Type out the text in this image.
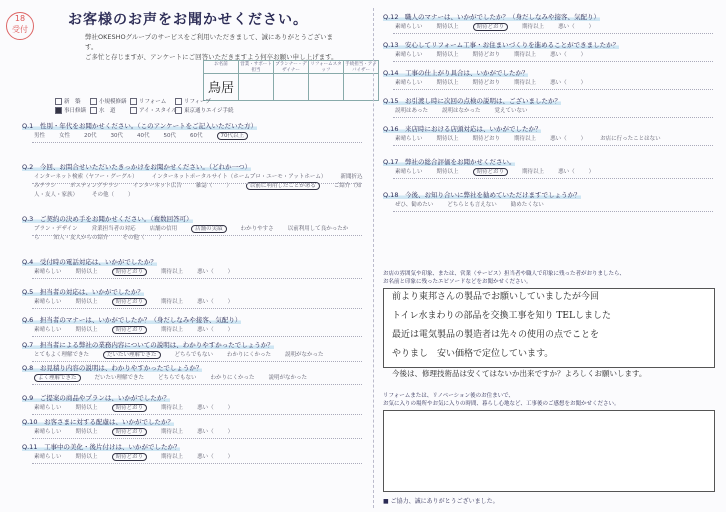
18
受付
お客様のお声をお聞かせください。
弊社OKESHOグループのサービスをご利用いただきまして、誠にありがとうございます。
ご多忙と存じますが、アンケートにご回答いただきますよう何卒お願い申し上げます。
お名前	営業・サポート担当	プランナー・デザイナー	リフォームスタッフ	手続担当・アドバイザー

鳥居
新　築
事日修繕
小規模修繕
水　道
リフォーム
アイ・スタイル
リフィーブ
東京通りエイジ手続
Q.1　性別・年代をお聞かせください。（このアンケートをご記入いただいた方）
男性	女性	20代	30代	40代	50代	60代	70代以上
Q.2　今回、お問合せいただいたきっかけをお聞かせください。（どれか一つ）
インターネット検索（ヤフー・グーグル）	インターネットポータルサイト（ホームプロ・ユーモ・アットホーム）	新聞折込みチラシ	ポスティングチラシ	インターネット広告	雑誌（	）	以前に利用したことがある	ご紹介（知人・友人・家族）	その他（	）
Q.3　ご契約の決め手をお聞かせください。（複数回答可）
プラン・デザイン	営業担当者の対応	店舗の信用	店舗の実績	わかりやすさ	以前利用して良かったから	知人・友人からの紹介	その他（	）
Q.4　受付時の電話対応は、いかがでしたか？
素晴らしい	期待以上	期待どおり	期待以上	悪い（	）
Q.5　担当者の対応は、いかがでしたか？
素晴らしい	期待以上	期待どおり	期待以上	悪い（	）
Q.6　担当者のマナーは、いかがでしたか？（身だしなみや接客、気配り）
素晴らしい	期待以上	期待どおり	期待以上	悪い（	）
Q.7　担当者による弊社の業務内容についての説明は、わかりやすかったでしょうか？
とてもよく理解できた	だいたい理解できた	どちらでもない	わかりにくかった	説明がなかった
Q.8　お見積り内容の説明は、わかりやすかったでしょうか？
よく理解できた	だいたい理解できた	どちらでもない	わかりにくかった	説明がなかった
Q.9　ご提案の商品やプランは、いかがでしたか？
素晴らしい	期待以上	期待どおり	期待以上	悪い（	）
Q.10　お客さまに対する配慮は、いかがでしたか？
素晴らしい	期待以上	期待どおり	期待以上	悪い（	）
Q.11　工事中の美化・後片付けは、いかがでしたか？
素晴らしい	期待以上	期待どおり	期待以上	悪い（	）
Q.12　職人のマナーは、いかがでしたか？（身だしなみや接客、気配り）
素晴らしい	期待以上	期待どおり	期待以上	悪い（	）
Q.13　安心してリフォーム工事・お住まいづくりを進めることができましたか？
素晴らしい	期待以上	期待どおり	期待以上	悪い（	）
Q.14　工事の仕上がり具合は、いかがでしたか？
素晴らしい	期待以上	期待どおり	期待以上	悪い（	）
Q.15　お引渡し時に次回の点検の説明は、ございましたか？
説明はあった	説明はなかった	覚えていない
Q.16　来店時における店頭対応は、いかがでしたか？
素晴らしい	期待以上	期待どおり	期待以上	悪い（	）	お店に行ったことはない
Q.17　弊社の総合評価をお聞かせください。
素晴らしい	期待以上	期待どおり	期待以上	悪い（	）
Q.18　今後、お知り合いに弊社を勧めていただけますでしょうか？
ぜひ、勧めたい	どちらとも言えない	勧めたくない
お店の雰囲気や印象、または、営業（サービス）担当者や職人で印象に残った者がおりましたら、
お名前と印象に残ったエピソードなどをお聞かせください。
前より東邦さんの製品でお願いしていましたが今回
トイレ水まわりの部品を交換工事を知り TELしました
最近は電気製品の製造者は先々の使用の点でことを
やりまし　安い価格で定位しています。
今後は、修理技術品は安くてはないか出来ですか？よろしくお願いします。
リフォームまたは、リノベーション後のお住まいで、
お気に入りの場所やお気に入りの時間、暮らし心地など、工事後のご感想をお聞かせください。
■ ご協力、誠にありがとうございました。
